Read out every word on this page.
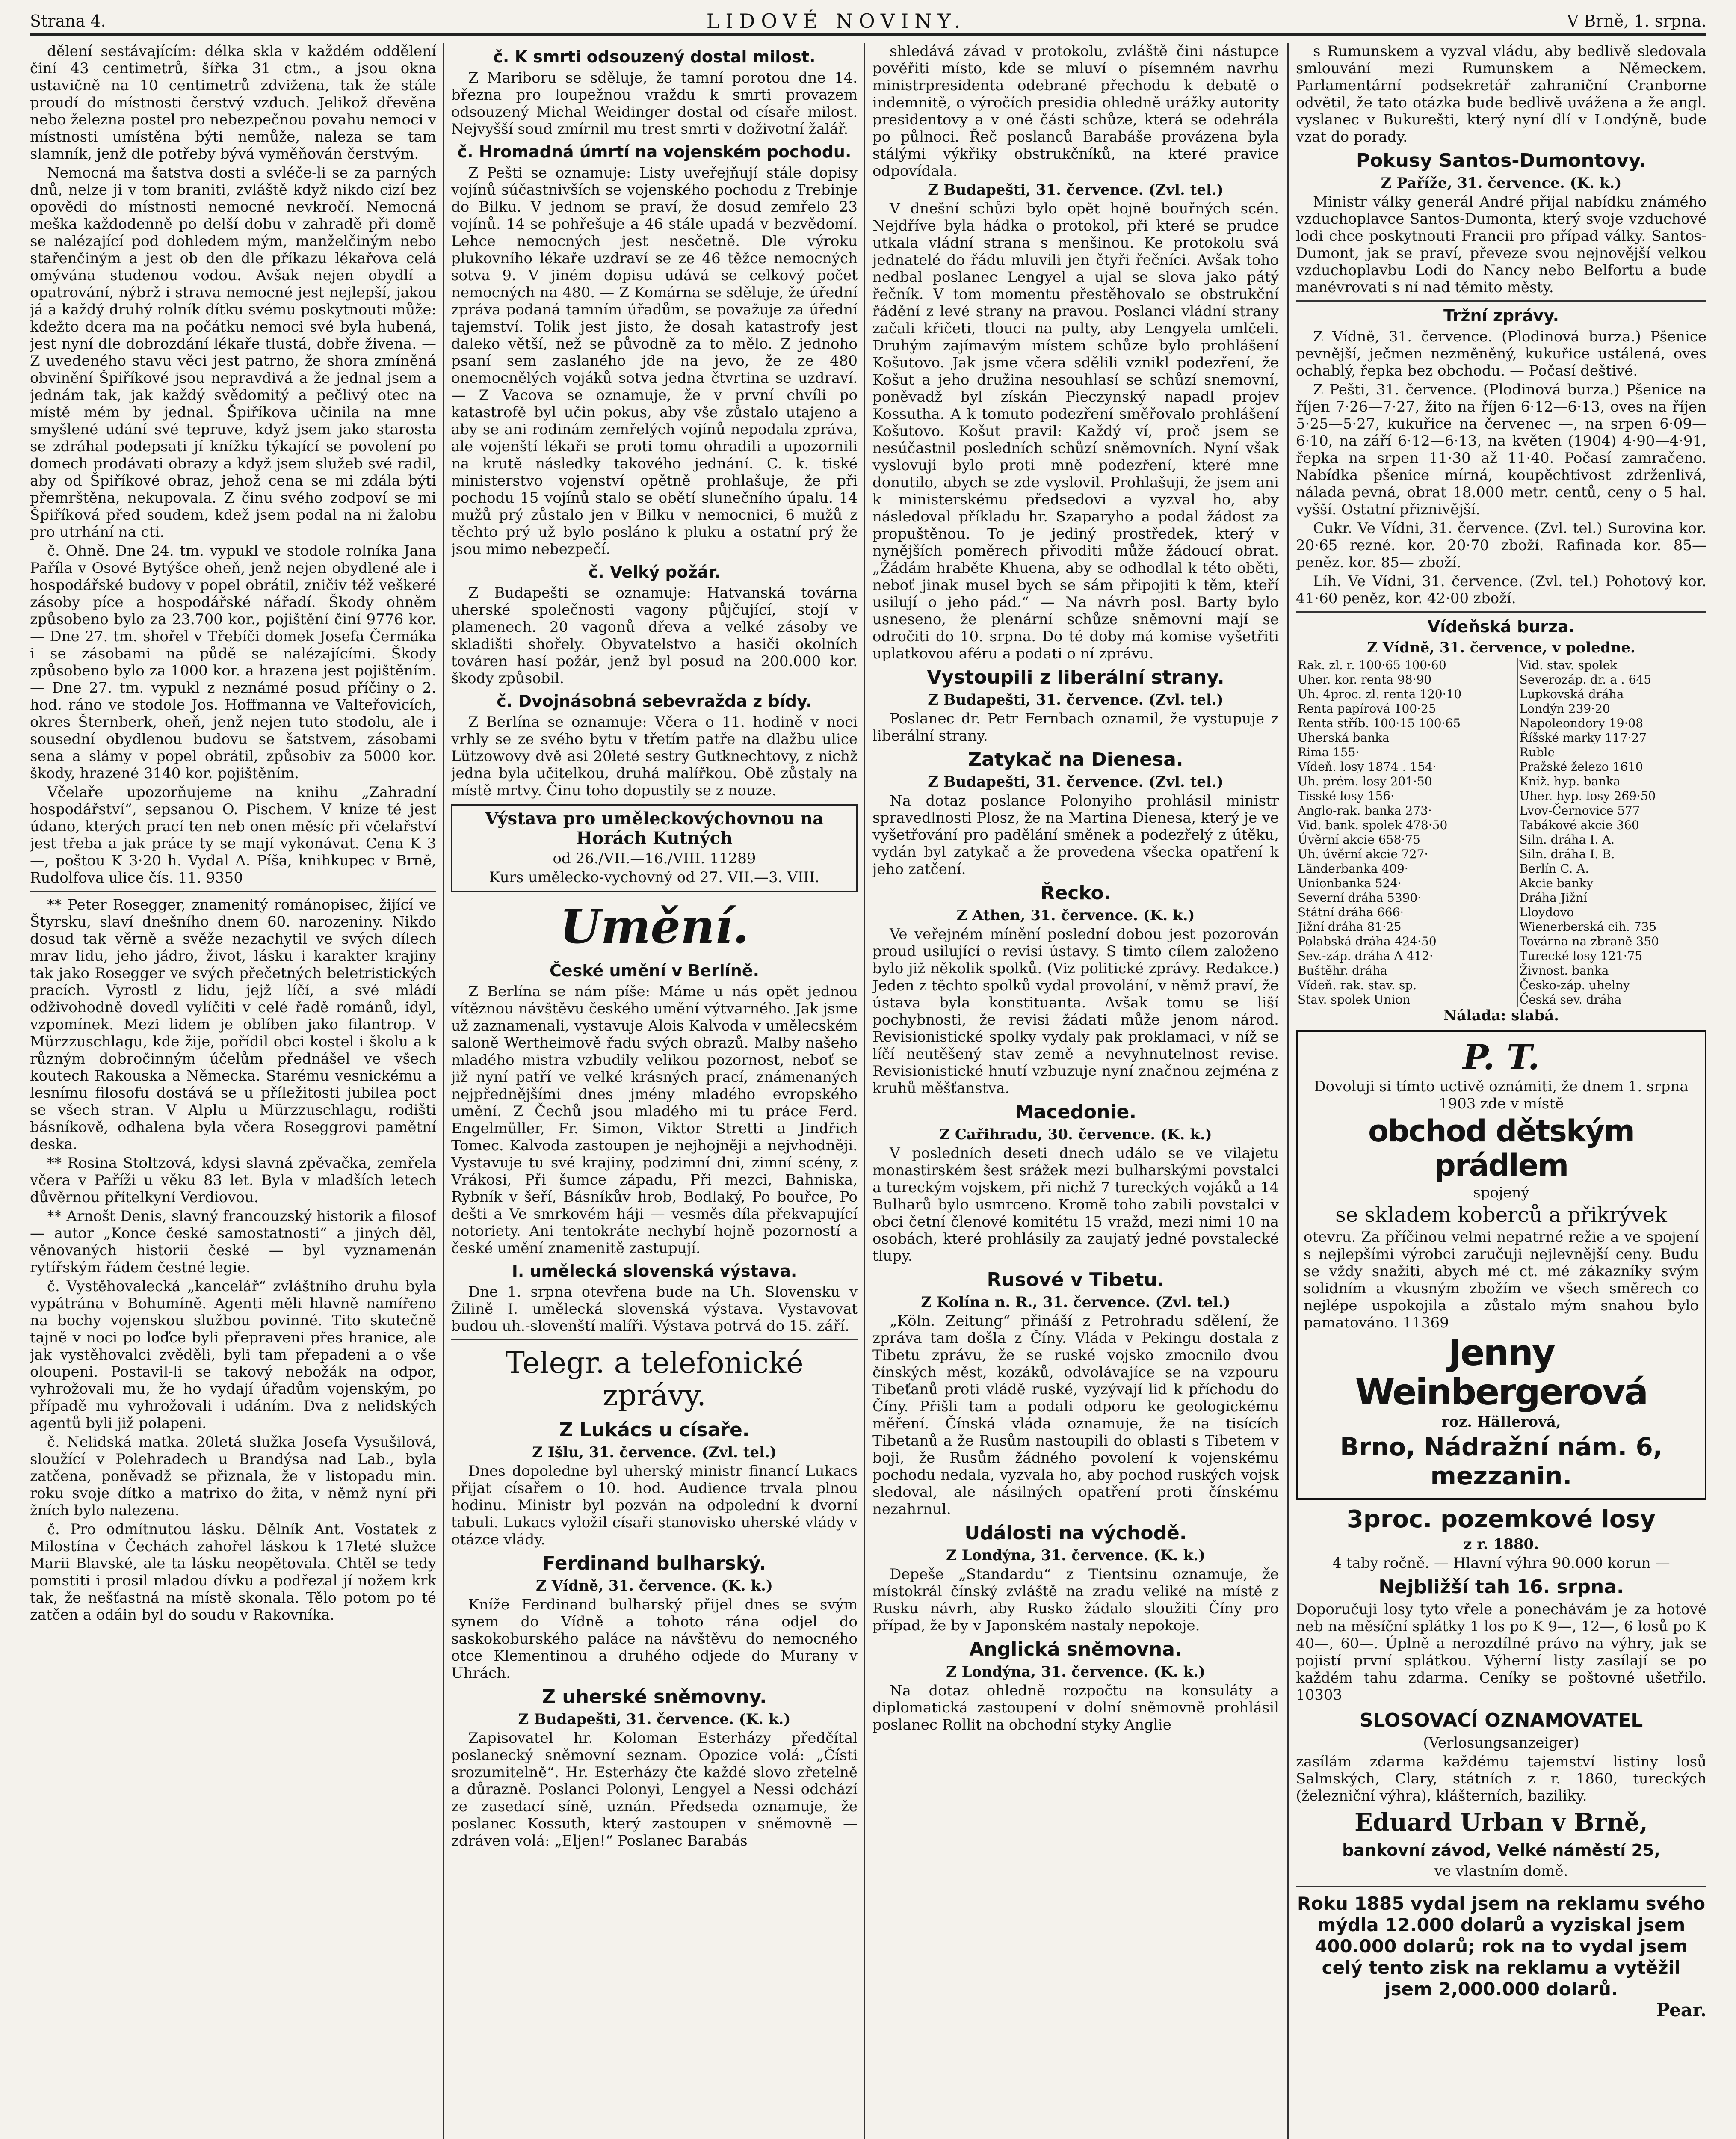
Strana 4.	LIDOVÉ NOVINY.	V Brně, 1. srpna.

dělení sestávajícím: délka skla v každém oddělení činí 43 centimetrů, šířka 31 ctm., a jsou okna ustavičně na 10 centimetrů zdvižena, tak že stále proudí do místnosti čerstvý vzduch. Jelikož dřevěna nebo železna postel pro nebezpečnou povahu nemoci v místnosti umístěna býti nemůže, naleza se tam slamník, jenž dle potřeby bývá vyměňován čerstvým.

Nemocná ma šatstva dosti a svléče-li se za parných dnů, nelze ji v tom braniti, zvláště když nikdo cizí bez opovědi do místnosti nemocné nevkročí. Nemocná meška každodenně po delší dobu v zahradě při domě se nalézající pod dohledem mým, manželčiným nebo stařenčiným a jest ob den dle příkazu lékařova celá omývána studenou vodou. Avšak nejen obydlí a opatrování, nýbrž i strava nemocné jest nejlepší, jakou já a každý druhý rolník dítku svému poskytnouti může: kdežto dcera ma na počátku nemoci své byla hubená, jest nyní dle dobrozdání lékaře tlustá, dobře živena. — Z uvedeného stavu věci jest patrno, že shora zmíněná obvinění Špiříkové jsou nepravdivá a že jednal jsem a jednám tak, jak každý svědomitý a pečlivý otec na místě mém by jednal. Špiříkova učinila na mne smyšlené udání své tepruve, když jsem jako starosta se zdráhal podepsati jí knížku týkající se povolení po domech prodávati obrazy a když jsem služeb své radil, aby od Špiříkové obraz, jehož cena se mi zdála býti přemrštěna, nekupovala. Z činu svého zodpoví se mi Špiříková před soudem, kdež jsem podal na ni žalobu pro utrhání na cti.

č. Ohně. Dne 24. tm. vypukl ve stodole rolníka Jana Paříla v Osové Bytýšce oheň, jenž nejen obydlené ale i hospodářské budovy v popel obrátil, zničiv též veškeré zásoby píce a hospodářské nářadí. Škody ohněm způsobeno bylo za 23.700 kor., pojištění činí 9776 kor. — Dne 27. tm. shořel v Třebíči domek Josefa Čermáka i se zásobami na půdě se nalézajícími. Škody způsobeno bylo za 1000 kor. a hrazena jest pojištěním. — Dne 27. tm. vypukl z neznámé posud příčiny o 2. hod. ráno ve stodole Jos. Hoffmanna ve Valteřovicích, okres Šternberk, oheň, jenž nejen tuto stodolu, ale i sousední obydlenou budovu se šatstvem, zásobami sena a slámy v popel obrátil, způsobiv za 5000 kor. škody, hrazené 3140 kor. pojištěním.

Včelaře upozorňujeme na knihu „Zahradní hospodářství“, sepsanou O. Pischem. V knize té jest údano, kterých prací ten neb onen měsíc při včelařství jest třeba a jak práce ty se mají vykonávat. Cena K 3—, poštou K 3·20 h. Vydal A. Píša, knihkupec v Brně, Rudolfova ulice čís. 11. 9350

** Peter Rosegger, znamenitý románopisec, žijící ve Štyrsku, slaví dnešního dnem 60. narozeniny. Nikdo dosud tak věrně a svěže nezachytil ve svých dílech mrav lidu, jeho jádro, život, lásku i karakter krajiny tak jako Rosegger ve svých přečetných beletristických pracích. Vyrostl z lidu, jejž líčí, a své mládí odživohodně dovedl vylíčiti v celé řadě románů, idyl, vzpomínek. Mezi lidem je oblíben jako filantrop. V Mürzzuschlagu, kde žije, pořídil obci kostel i školu a k různým dobročinným účelům přednášel ve všech koutech Rakouska a Německa. Starému vesnickému a lesnímu filosofu dostává se u příležitosti jubilea poct se všech stran. V Alplu u Mürzzuschlagu, rodišti básníkově, odhalena byla včera Roseggrovi pamětní deska.

** Rosina Stoltzová, kdysi slavná zpěvačka, zemřela včera v Paříži u věku 83 let. Byla v mladších letech důvěrnou přítelkyní Verdiovou.

** Arnošt Denis, slavný francouzský historik a filosof — autor „Konce české samostatnosti“ a jiných děl, věnovaných historii české — byl vyznamenán rytířským řádem čestné legie.

č. Vystěhovalecká „kancelář“ zvláštního druhu byla vypátrána v Bohumíně. Agenti měli hlavně namířeno na bochy vojenskou službou povinné. Tito skutečně tajně v noci po loďce byli přepraveni přes hranice, ale jak vystěhovalci zvěděli, byli tam přepadeni a o vše oloupeni. Postavil-li se takový nebožák na odpor, vyhrožovali mu, že ho vydají úřadům vojenským, po případě mu vyhrožovali i udáním. Dva z nelidských agentů byli již polapeni.

č. Nelidská matka. 20letá služka Josefa Vysušilová, sloužící v Polehradech u Brandýsa nad Lab., byla zatčena, poněvadž se přiznala, že v listopadu min. roku svoje dítko a matrixo do žita, v němž nyní při žních bylo nalezena.

č. Pro odmítnutou lásku. Dělník Ant. Vostatek z Milostína v Čechách zahořel láskou k 17leté služce Marii Blavské, ale ta lásku neopětovala. Chtěl se tedy pomstiti i prosil mladou dívku a podřezal jí nožem krk tak, že nešťastná na místě skonala. Tělo potom po té zatčen a odáin byl do soudu v Rakovníka.

č. K smrti odsouzený dostal milost.

Z Mariboru se sděluje, že tamní porotou dne 14. března pro loupežnou vraždu k smrti provazem odsouzený Michal Weidinger dostal od císaře milost. Nejvyšší soud zmírnil mu trest smrti v doživotní žalář.

č. Hromadná úmrtí na vojenském pochodu.

Z Pešti se oznamuje: Listy uveřejňují stále dopisy vojínů súčastnivších se vojenského pochodu z Trebinje do Bilku. V jednom se praví, že dosud zemřelo 23 vojínů. 14 se pohřešuje a 46 stále upadá v bezvědomí. Lehce nemocných jest nesčetně. Dle výroku plukovního lékaře uzdraví se ze 46 těžce nemocných sotva 9. V jiném dopisu udává se celkový počet nemocných na 480. — Z Komárna se sděluje, že úřední zpráva podaná tamním úřadům, se považuje za úřední tajemství. Tolik jest jisto, že dosah katastrofy jest daleko větší, než se původně za to mělo. Z jednoho psaní sem zaslaného jde na jevo, že ze 480 onemocnělých vojáků sotva jedna čtvrtina se uzdraví. — Z Vacova se oznamuje, že v první chvíli po katastrofě byl učin pokus, aby vše zůstalo utajeno a aby se ani rodinám zemřelých vojínů nepodala zpráva, ale vojenští lékaři se proti tomu ohradili a upozornili na krutě následky takového jednání. C. k. tiské ministerstvo vojenství opětně prohlašuje, že při pochodu 15 vojínů stalo se obětí slunečního úpalu. 14 mužů prý zůstalo jen v Bilku v nemocnici, 6 mužů z těchto prý už bylo posláno k pluku a ostatní prý že jsou mimo nebezpečí.

č. Velký požár.

Z Budapešti se oznamuje: Hatvanská továrna uherské společnosti vagony půjčující, stojí v plamenech. 20 vagonů dřeva a velké zásoby ve skladišti shořely. Obyvatelstvo a hasiči okolních továren hasí požár, jenž byl posud na 200.000 kor. škody způsobil.

č. Dvojnásobná sebevražda z bídy.

Z Berlína se oznamuje: Včera o 11. hodině v noci vrhly se ze svého bytu v třetím patře na dlažbu ulice Lützowovy dvě asi 20leté sestry Gutknechtovy, z nichž jedna byla učitelkou, druhá malířkou. Obě zůstaly na místě mrtvy. Činu toho dopustily se z nouze.

Výstava pro uměleckovýchovnou na Horách Kutných

od 26./VII.—16./VIII. 11289

Kurs umělecko-vychovný od 27. VII.—3. VIII.

Umění.
České umění v Berlíně.

Z Berlína se nám píše: Máme u nás opět jednou vítěznou návštěvu českého umění výtvarného. Jak jsme už zaznamenali, vystavuje Alois Kalvoda v umělecském saloně Wertheimově řadu svých obrazů. Malby našeho mladého mistra vzbudily velikou pozornost, neboť se již nyní patří ve velké krásných prací, známenaných nejpřednějšími dnes jmény mladého evropského umění. Z Čechů jsou mladého mi tu práce Ferd. Engelmüller, Fr. Simon, Viktor Stretti a Jindřich Tomec. Kalvoda zastoupen je nejhojněji a nejvhodněji. Vystavuje tu své krajiny, podzimní dni, zimní scény, z Vrákosi, Při šumce západu, Při mezci, Bahniska, Rybník v šeří, Básníkův hrob, Bodlaký, Po bouřce, Po dešti a Ve smrkovém háji — vesměs díla překvapující notoriety. Ani tentokráte nechybí hojně pozorností a české umění znamenitě zastupují.

I. umělecká slovenská výstava.

Dne 1. srpna otevřena bude na Uh. Slovensku v Žilině I. umělecká slovenská výstava. Vystavovat budou uh.-slovenští malíři. Výstava potrvá do 15. září.

Telegr. a telefonické zprávy.
Z Lukács u císaře.

Z Išlu, 31. července. (Zvl. tel.)

Dnes dopoledne byl uherský ministr financí Lukacs přijat císařem o 10. hod. Audience trvala plnou hodinu. Ministr byl pozván na odpolední k dvorní tabuli. Lukacs vyložil císaři stanovisko uherské vlády v otázce vlády.

Ferdinand bulharský.

Z Vídně, 31. července. (K. k.)

Kníže Ferdinand bulharský přijel dnes se svým synem do Vídně a tohoto rána odjel do saskokoburského paláce na návštěvu do nemocného otce Klementinou a druhého odjede do Murany v Uhrách.

Z uherské sněmovny.

Z Budapešti, 31. července. (K. k.)

Zapisovatel hr. Koloman Esterházy předčítal poslanecký sněmovní seznam. Opozice volá: „Čísti srozumitelně“. Hr. Esterházy čte každé slovo zřetelně a důrazně. Poslanci Polonyi, Lengyel a Nessi odchází ze zasedací síně, uznán. Předseda oznamuje, že poslanec Kossuth, který zastoupen v sněmovně — zdráven volá: „Eljen!“ Poslanec Barabás

shledává závad v protokolu, zvláště čini nástupce pověřiti místo, kde se mluví o písemném navrhu ministrpresidenta odebrané přechodu k debatě o indemnitě, o výročích presidia ohledně urážky autority presidentovy a v oné části schůze, která se odehrála po půlnoci. Řeč poslanců Barabáše provázena byla stálými výkřiky obstrukčníků, na které pravice odpovídala.

Z Budapešti, 31. července. (Zvl. tel.)

V dnešní schůzi bylo opět hojně bouřných scén. Nejdříve byla hádka o protokol, při které se prudce utkala vládní strana s menšinou. Ke protokolu svá jednatelé do řádu mluvili jen čtyři řečníci. Avšak toho nedbal poslanec Lengyel a ujal se slova jako pátý řečník. V tom momentu přestěhovalo se obstrukční řádění z levé strany na pravou. Poslanci vládní strany začali křičeti, tlouci na pulty, aby Lengyela umlčeli. Druhým zajímavým místem schůze bylo prohlášení Košutovo. Jak jsme včera sdělili vznikl podezření, že Košut a jeho družina nesouhlasí se schůzí snemovní, poněvadž byl získán Pieczynský napadl projev Kossutha. A k tomuto podezření směřovalo prohlášení Košutovo. Košut pravil: Každý ví, proč jsem se nesúčastnil posledních schůzí sněmovních. Nyní však vyslovuji bylo proti mně podezření, které mne donutilo, abych se zde vyslovil. Prohlašuji, že jsem ani k ministerskému předsedovi a vyzval ho, aby následoval příkladu hr. Szaparyho a podal žádost za propuštěnou. To je jediný prostředek, který v nynějších poměrech přivoditi může žádoucí obrat. „Žádám hraběte Khuena, aby se odhodlal k této oběti, neboť jinak musel bych se sám připojiti k těm, kteří usilují o jeho pád.“ — Na návrh posl. Barty bylo usneseno, že plenární schůze sněmovní mají se odročiti do 10. srpna. Do té doby má komise vyšetřiti uplatkovou aféru a podati o ní zprávu.

Vystoupili z liberální strany.

Z Budapešti, 31. července. (Zvl. tel.)

Poslanec dr. Petr Fernbach oznamil, že vystupuje z liberální strany.

Zatykač na Dienesa.

Z Budapešti, 31. července. (Zvl. tel.)

Na dotaz poslance Polonyiho prohlásil ministr spravedlnosti Plosz, že na Martina Dienesa, který je ve vyšetřování pro padělání směnek a podezřelý z útěku, vydán byl zatykač a že provedena všecka opatření k jeho zatčení.

Řecko.

Z Athen, 31. července. (K. k.)

Ve veřejném mínění poslední dobou jest pozorován proud usilující o revisi ústavy. S timto cílem založeno bylo již několik spolků. (Viz politické zprávy. Redakce.) Jeden z těchto spolků vydal provolání, v němž praví, že ústava byla konstituanta. Avšak tomu se liší pochybnosti, že revisi žádati může jenom národ. Revisionistické spolky vydaly pak proklamaci, v níž se líčí neutěšený stav země a nevyhnutelnost revise. Revisionistické hnutí vzbuzuje nyní značnou zejména z kruhů měšťanstva.

Macedonie.

Z Cařihradu, 30. července. (K. k.)

V posledních deseti dnech událo se ve vilajetu monastirském šest srážek mezi bulharskými povstalci a tureckým vojskem, při nichž 7 tureckých vojáků a 14 Bulharů bylo usmrceno. Kromě toho zabili povstalci v obci četní členové komitétu 15 vražd, mezi nimi 10 na osobách, které prohlásily za zaujatý jedné povstalecké tlupy.

Rusové v Tibetu.

Z Kolína n. R., 31. července. (Zvl. tel.)

„Köln. Zeitung“ přináší z Petrohradu sdělení, že zpráva tam došla z Číny. Vláda v Pekingu dostala z Tibetu zprávu, že se ruské vojsko zmocnilo dvou čínských měst, kozáků, odvolávajíce se na vzpouru Tibeťanů proti vládě ruské, vyzývají lid k příchodu do Číny. Přišli tam a podali odporu ke geologickému měření. Čínská vláda oznamuje, že na tisících Tibetanů a že Rusům nastoupili do oblasti s Tibetem v boji, že Rusům žádného povolení k vojenskému pochodu nedala, vyzvala ho, aby pochod ruských vojsk sledoval, ale násilných opatření proti čínskému nezahrnul.

Události na východě.

Z Londýna, 31. července. (K. k.)

Depeše „Standardu“ z Tientsinu oznamuje, že místokrál čínský zvláště na zradu veliké na místě z Rusku návrh, aby Rusko žádalo sloužiti Číny pro případ, že by v Japonském nastaly nepokoje.

Anglická sněmovna.

Z Londýna, 31. července. (K. k.)

Na dotaz ohledně rozpočtu na konsuláty a diplomatická zastoupení v dolní sněmovně prohlásil poslanec Rollit na obchodní styky Anglie

s Rumunskem a vyzval vládu, aby bedlivě sledovala smlouvání mezi Rumunskem a Německem. Parlamentární podsekretář zahraniční Cranborne odvětil, že tato otázka bude bedlivě uvážena a že angl. vyslanec v Bukurešti, který nyní dlí v Londýně, bude vzat do porady.

Pokusy Santos-Dumontovy.

Z Paříže, 31. července. (K. k.)

Ministr války generál André přijal nabídku známého vzduchoplavce Santos-Dumonta, který svoje vzduchové lodi chce poskytnouti Francii pro případ války. Santos-Dumont, jak se praví, převeze svou nejnovější velkou vzduchoplavbu Lodi do Nancy nebo Belfortu a bude manévrovati s ní nad těmito městy.

Tržní zprávy.

Z Vídně, 31. července. (Plodinová burza.) Pšenice pevnější, ječmen nezměněný, kukuřice ustálená, oves ochablý, řepka bez obchodu. — Počasí deštivé.

Z Pešti, 31. července. (Plodinová burza.) Pšenice na říjen 7·26—7·27, žito na říjen 6·12—6·13, oves na říjen 5·25—5·27, kukuřice na červenec —, na srpen 6·09—6·10, na září 6·12—6·13, na květen (1904) 4·90—4·91, řepka na srpen 11·30 až 11·40. Počasí zamračeno. Nabídka pšenice mírná, koupěchtivost zdrženlivá, nálada pevná, obrat 18.000 metr. centů, ceny o 5 hal. vyšší. Ostatní přiznivější.

Cukr. Ve Vídni, 31. července. (Zvl. tel.) Surovina kor. 20·65 rezné. kor. 20·70 zboží. Rafinada kor. 85— peněz. kor. 85— zboží.

Líh. Ve Vídni, 31. července. (Zvl. tel.) Pohotový kor. 41·60 peněz, kor. 42·00 zboží.

Vídeňská burza.

Z Vídně, 31. července, v poledne.

Rak. zl. r. 100·65 100·60	Vid. stav. spolek
Uher. kor. renta 98·90	Severozáp. dr. a . 645
Uh. 4proc. zl. renta 120·10	Lupkovská dráha
Renta papírová 100·25	Londýn 239·20
Renta stříb. 100·15 100·65	Napoleondory 19·08
Uherská banka	Říšské marky 117·27
Rima 155·	Ruble
Vídeň. losy 1874 . 154·	Pražské železo 1610
Uh. prém. losy 201·50	Kníž. hyp. banka
Tisské losy 156·	Uher. hyp. losy 269·50
Anglo-rak. banka 273·	Lvov-Černovice 577
Vid. bank. spolek 478·50	Tabákové akcie 360
Úvěrní akcie 658·75	Siln. dráha I. A.
Uh. úvěrní akcie 727·	Siln. dráha I. B.
Länderbanka 409·	Berlín C. A.
Unionbanka 524·	Akcie banky
Severní dráha 5390·	Dráha Jižní
Státní dráha 666·	Lloydovo
Jižní dráha 81·25	Wienerberská cih. 735
Polabská dráha 424·50	Továrna na zbraně 350
Sev.-záp. dráha A 412·	Turecké losy 121·75
Buštěhr. dráha	Živnost. banka
Vídeň. rak. stav. sp.	Česko-záp. uhelny
Stav. spolek Union	Česká sev. dráha

Nálada: slabá.

P. T.

Dovoluji si tímto uctivě oznámiti, že dnem 1. srpna 1903 zde v místě

obchod dětským prádlem

spojený

se skladem koberců a přikrývek

otevru. Za příčinou velmi nepatrné režie a ve spojení s nejlepšími výrobci zaručuji nejlevnější ceny. Budu se vždy snažiti, abych mé ct. mé zákazníky svým solidním a vkusným zbožím ve všech směrech co nejlépe uspokojila a zůstalo mým snahou bylo pamatováno. 11369

Jenny Weinbergerová

roz. Hällerová,

Brno, Nádražní nám. 6, mezzanin.

3proc. pozemkové losy

z r. 1880.

4 taby ročně. — Hlavní výhra 90.000 korun —

Nejbližší tah 16. srpna.

Doporučuji losy tyto vřele a ponechávám je za hotové neb na měsíční splátky 1 los po K 9—, 12—, 6 losů po K 40—, 60—. Úplně a nerozdílné právo na výhry, jak se pojistí první splátkou. Výherní listy zasílají se po každém tahu zdarma. Ceníky se poštovné ušetřilo. 10303

SLOSOVACÍ OZNAMOVATEL

(Verlosungsanzeiger)

zasílám zdarma každému tajemství listiny losů Salmských, Clary, státních z r. 1860, tureckých (železniční výhra), klášterních, baziliky.

Eduard Urban v Brně,

bankovní závod, Velké náměstí 25,

ve vlastním domě.

Roku 1885 vydal jsem na reklamu svého mýdla 12.000 dolarů a vyziskal jsem 400.000 dolarů; rok na to vydal jsem celý tento zisk na reklamu a vytěžil jsem 2,000.000 dolarů.

Pear.
